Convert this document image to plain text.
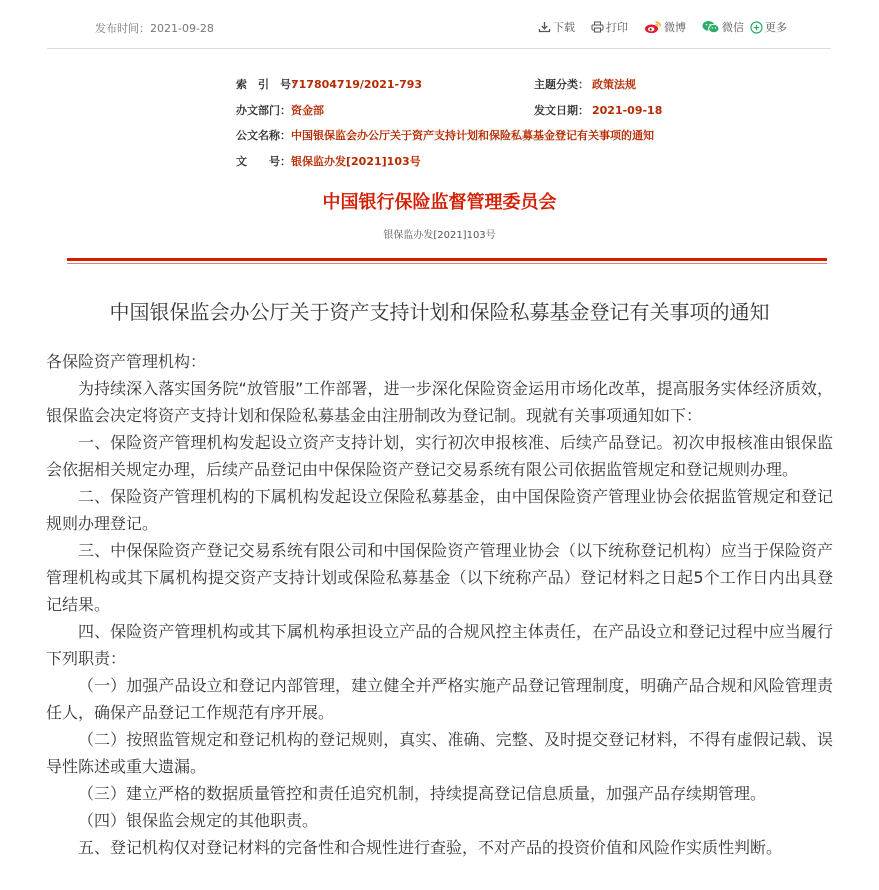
发布时间：2021-09-28	下载	打印	微博	微信 更多
索　引　号：717804719/2021-793	主题分类： 政策法规
办文部门：资金部	发文日期： 2021-09-18
公文名称：中国银保监会办公厅关于资产支持计划和保险私募基金登记有关事项的通知
文　　号：银保监办发[2021]103号
中国银行保险监督管理委员会
银保监办发[2021]103号
中国银保监会办公厅关于资产支持计划和保险私募基金登记有关事项的通知

各保险资产管理机构：

为持续深入落实国务院“放管服”工作部署，进一步深化保险资金运用市场化改革，提高服务实体经济质效，银保监会决定将资产支持计划和保险私募基金由注册制改为登记制。现就有关事项通知如下：

一、保险资产管理机构发起设立资产支持计划，实行初次申报核准、后续产品登记。初次申报核准由银保监会依据相关规定办理，后续产品登记由中保保险资产登记交易系统有限公司依据监管规定和登记规则办理。

二、保险资产管理机构的下属机构发起设立保险私募基金，由中国保险资产管理业协会依据监管规定和登记规则办理登记。

三、中保保险资产登记交易系统有限公司和中国保险资产管理业协会（以下统称登记机构）应当于保险资产管理机构或其下属机构提交资产支持计划或保险私募基金（以下统称产品）登记材料之日起5个工作日内出具登记结果。

四、保险资产管理机构或其下属机构承担设立产品的合规风控主体责任，在产品设立和登记过程中应当履行下列职责：

（一）加强产品设立和登记内部管理，建立健全并严格实施产品登记管理制度，明确产品合规和风险管理责任人，确保产品登记工作规范有序开展。

（二）按照监管规定和登记机构的登记规则，真实、准确、完整、及时提交登记材料，不得有虚假记载、误导性陈述或重大遗漏。

（三）建立严格的数据质量管控和责任追究机制，持续提高登记信息质量，加强产品存续期管理。

（四）银保监会规定的其他职责。

五、登记机构仅对登记材料的完备性和合规性进行查验，不对产品的投资价值和风险作实质性判断。
